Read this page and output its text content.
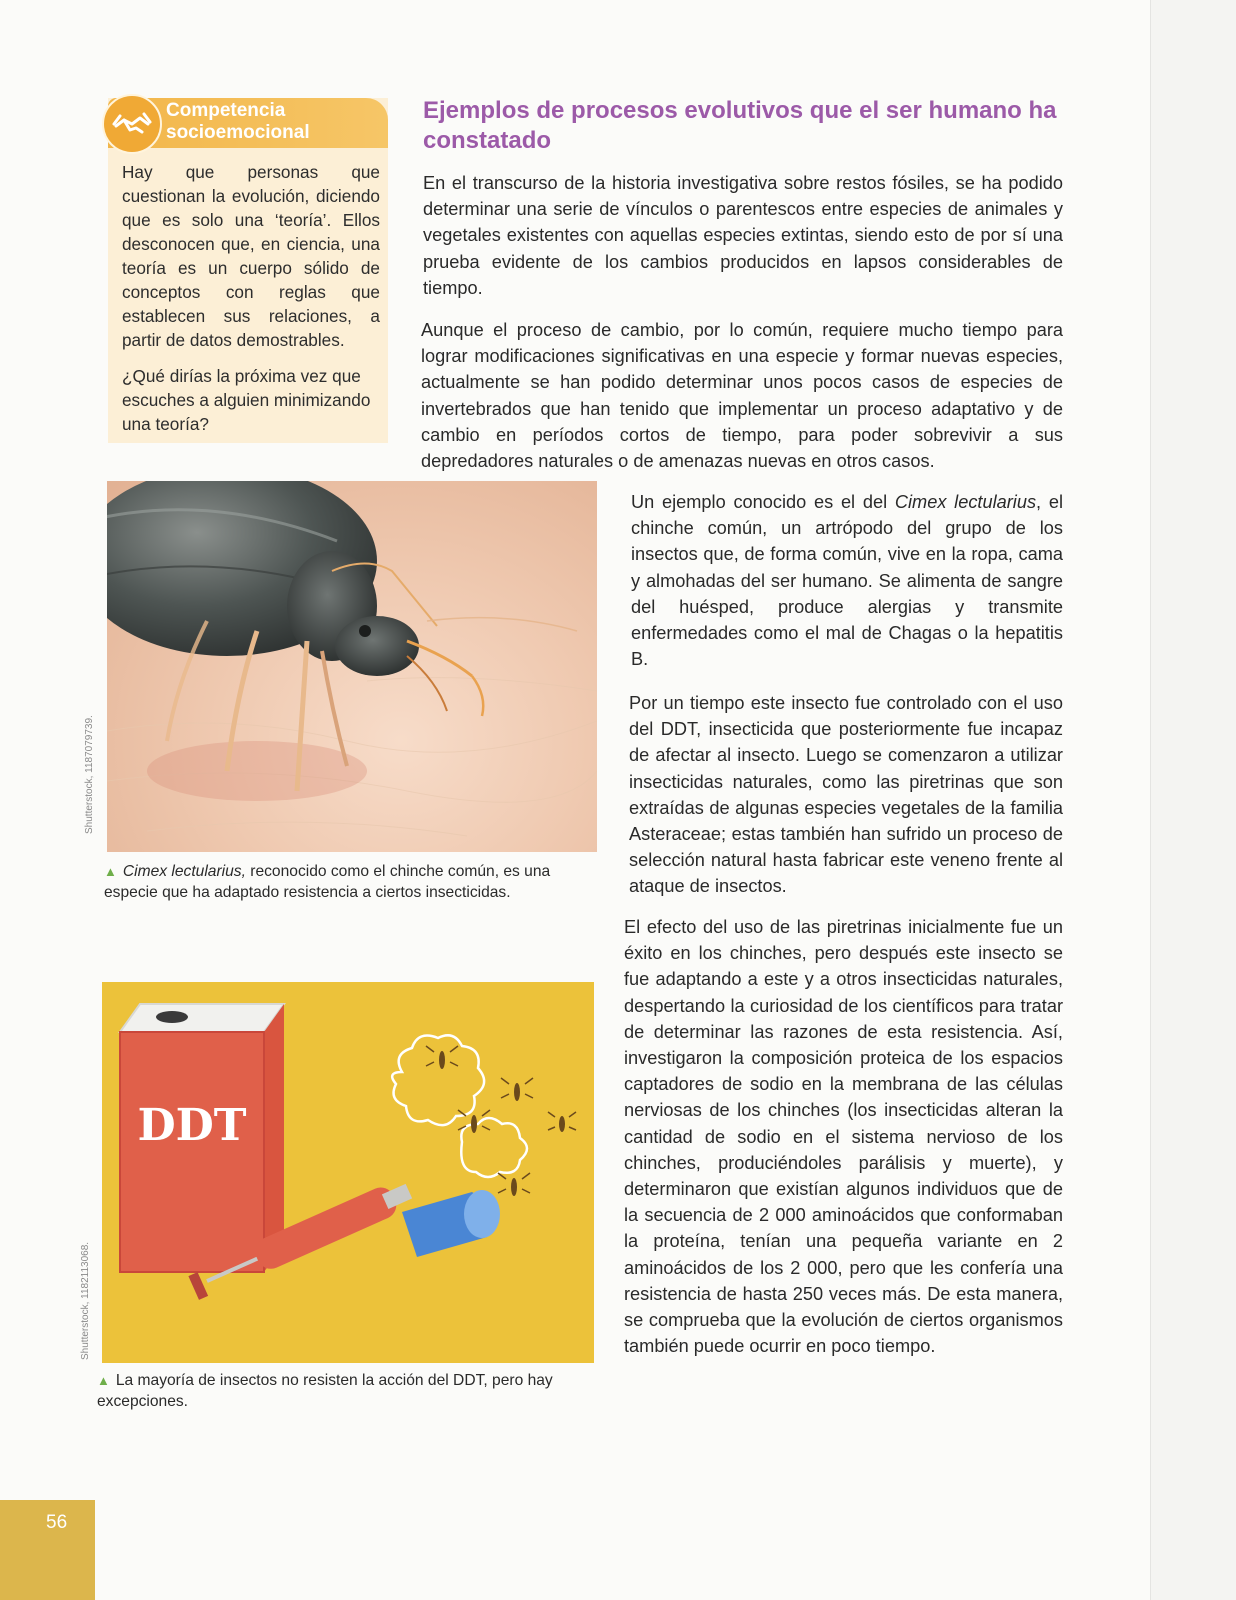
Competencia
socioemocional

Hay que personas que cuestionan la evolución, diciendo que es solo una ‘teoría’. Ellos desconocen que, en ciencia, una teoría es un cuerpo sólido de conceptos con reglas que establecen sus relaciones, a partir de datos demostrables.

¿Qué dirías la próxima vez que escuches a alguien minimizando una teoría?

Ejemplos de procesos evolutivos que el ser humano ha constatado

En el transcurso de la historia investigativa sobre restos fósiles, se ha podido determinar una serie de vínculos o parentescos entre especies de animales y vegetales existentes con aquellas especies extintas, siendo esto de por sí una prueba evidente de los cambios producidos en lapsos considerables de tiempo.

Aunque el proceso de cambio, por lo común, requiere mucho tiempo para lograr modificaciones significativas en una especie y formar nuevas especies, actualmente se han podido determinar unos pocos casos de especies de invertebrados que han tenido que implementar un proceso adaptativo y de cambio en períodos cortos de tiempo, para poder sobrevivir a sus depredadores naturales o de amenazas nuevas en otros casos.

Un ejemplo conocido es el del Cimex lectularius, el chinche común, un artrópodo del grupo de los insectos que, de forma común, vive en la ropa, cama y almohadas del ser humano. Se alimenta de sangre del huésped, produce alergias y transmite enfermedades como el mal de Chagas o la hepatitis B.

Por un tiempo este insecto fue controlado con el uso del DDT, insecticida que posteriormente fue incapaz de afectar al insecto. Luego se comenzaron a utilizar insecticidas naturales, como las piretrinas que son extraídas de algunas especies vegetales de la familia Asteraceae; estas también han sufrido un proceso de selección natural hasta fabricar este veneno frente al ataque de insectos.

El efecto del uso de las piretrinas inicialmente fue un éxito en los chinches, pero después este insecto se fue adaptando a este y a otros insecticidas naturales, despertando la curiosidad de los científicos para tratar de determinar las razones de esta resistencia. Así, investigaron la composición proteica de los espacios captadores de sodio en la membrana de las células nerviosas de los chinches (los insecticidas alteran la cantidad de sodio en el sistema nervioso de los chinches, produciéndoles parálisis y muerte), y determinaron que existían algunos individuos que de la secuencia de 2 000 aminoácidos que conformaban la proteína, tenían una pequeña variante en 2 aminoácidos de los 2 000, pero que les confería una resistencia de hasta 250 veces más. De esta manera, se comprueba que la evolución de ciertos organismos también puede ocurrir en poco tiempo.

Shutterstock, 1187079739.

▲ Cimex lectularius, reconocido como el chinche común, es una especie que ha adaptado resistencia a ciertos insecticidas.

DDT
Shutterstock, 1182113068.

▲ La mayoría de insectos no resisten la acción del DDT, pero hay excepciones.

56
